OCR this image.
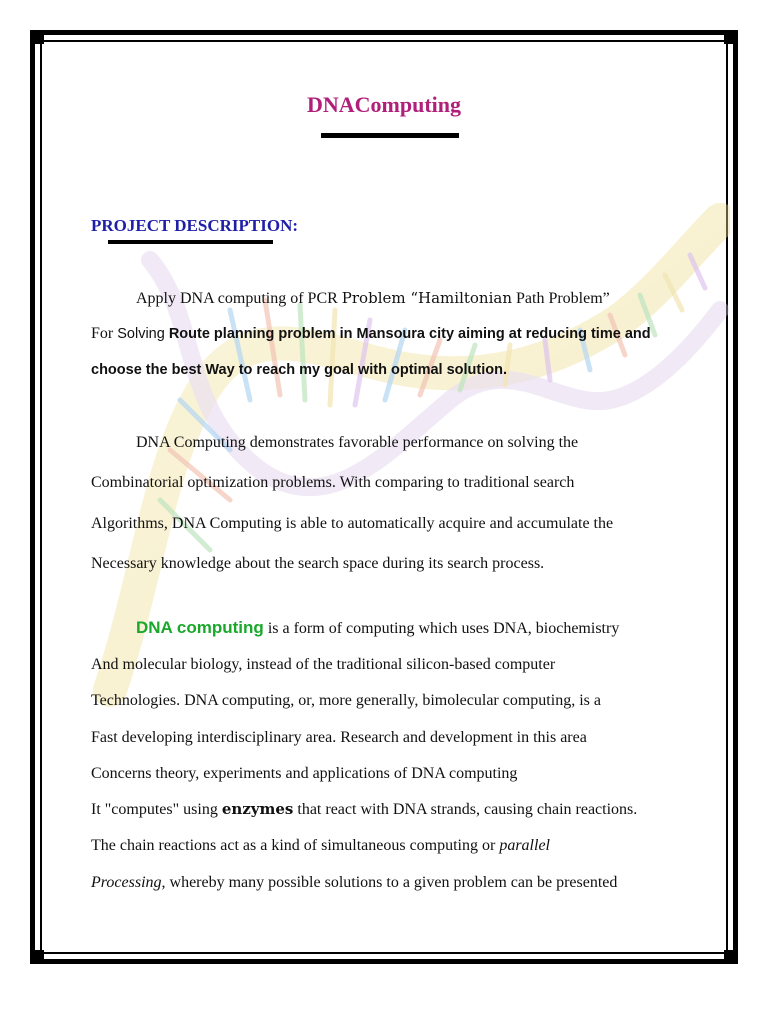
DNAComputing
PROJECT DESCRIPTION:
Apply DNA computing of PCR Problem “Hamiltonian Path Problem”
For Solving Route planning problem in Mansoura city aiming at reducing time and
choose the best Way to reach my goal with optimal solution.
DNA Computing demonstrates favorable performance on solving the
Combinatorial optimization problems. With comparing to traditional search
Algorithms, DNA Computing is able to automatically acquire and accumulate the
Necessary knowledge about the search space during its search process.
DNA computing is a form of computing which uses DNA, biochemistry
And molecular biology, instead of the traditional silicon-based computer
Technologies. DNA computing, or, more generally, bimolecular computing, is a
Fast developing interdisciplinary area. Research and development in this area
Concerns theory, experiments and applications of DNA computing
It "computes" using enzymes that react with DNA strands, causing chain reactions.
The chain reactions act as a kind of simultaneous computing or parallel
Processing, whereby many possible solutions to a given problem can be presented
